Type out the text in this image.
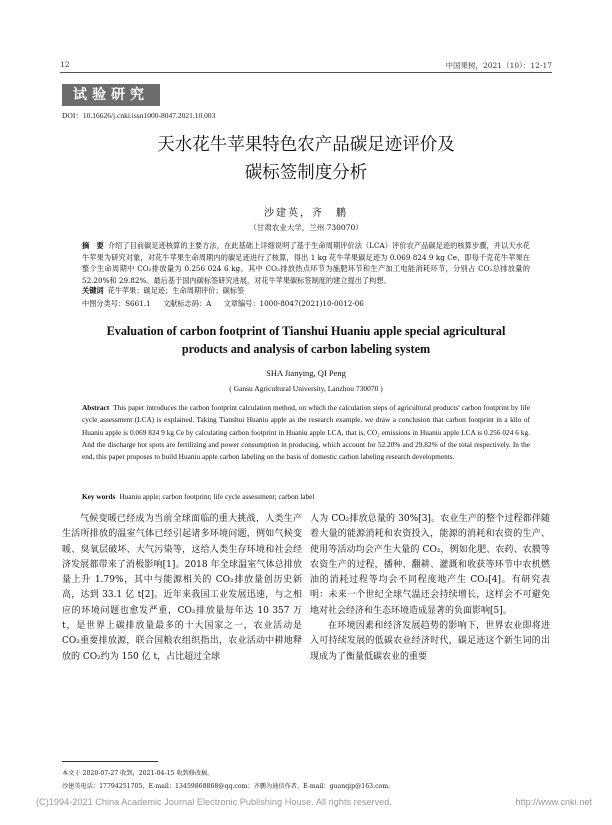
12	中国果树，2021（10）：12-17
试验研究
DOI：10.16626/j.cnki.issn1000-8047.2021.10.003
天水花牛苹果特色农产品碳足迹评价及
碳标签制度分析
沙建英，齐　鹏
（甘肃农业大学，兰州 730070）
摘　要 介绍了目前碳足迹核算的主要方法，在此基础上详细说明了基于生命周期评价法（LCA）评价农产品碳足迹的核算步骤，并以天水花牛苹果为研究对象，对花牛苹果生命周期内的碳足迹进行了核算，得出 1 kg 花牛苹果碳足迹为 0.069 824 9 kg Ce，即每千克花牛苹果在整个生命周期中 CO₂排放量为 0.256 024 6 kg。其中 CO₂排放热点环节为施肥环节和生产加工电能消耗环节，分别占 CO₂总排放量的 52.20%和 29.82%。最后基于国内碳标签研究进展，对花牛苹果碳标签制度的建立提出了构想。
关键词 花牛苹果；碳足迹；生命周期评价；碳标签
中图分类号：S661.1 文献标志码：A 文章编号：1000-8047(2021)10-0012-06
Evaluation of carbon footprint of Tianshui Huaniu apple special agricultural
products and analysis of carbon labeling system
SHA Jianying, QI Peng
( Gansu Agricultural University, Lanzhou 730070 )
Abstract This paper introduces the carbon footprint calculation method, on which the calculation steps of agricultural products' carbon footprint by life cycle assessment (LCA) is explained. Taking Tianshui Huaniu apple as the research example, we draw a conclusion that carbon footprint in a kilo of Huaniu apple is 0.069 824 9 kg Ce by calculating carbon footprint in Huaniu apple LCA, that is, CO₂ emissions in Huaniu apple LCA is 0.256 024 6 kg. And the discharge hot spots are fertilizing and power consumption in producing, which account for 52.20% and 29.82% of the total respectively. In the end, this paper proposes to build Huaniu apple carbon labeling on the basis of domestic carbon labeling research developments.
Key words Huaniu apple; carbon footprint; life cycle assessment; carbon label
气候变暖已经成为当前全球面临的重大挑战，人类生产生活所排放的温室气体已经引起诸多环境问题，例如气候变暖、臭氧层破坏、大气污染等，这给人类生存环境和社会经济发展都带来了消极影响[1]。2018 年全球温室气体总排放量上升 1.79%，其中与能源相关的 CO₂排放量创历史新高，达到 33.1 亿 t[2]。近年来我国工业发展迅速，与之相应的环境问题也愈发严重，CO₂排放量每年达 10 357 万 t，是世界上碳排放量最多的十大国家之一，农业活动是 CO₂重要排放源，联合国粮农组织指出，农业活动中耕地释放的 CO₂约为 150 亿 t，占比超过全球

人为 CO₂排放总量的 30%[3]。农业生产的整个过程都伴随着大量的能源消耗和农资投入，能源的消耗和农资的生产、使用等活动均会产生大量的 CO₂，例如化肥、农药、农膜等农资生产的过程，播种、翻耕、灌溉和收获等环节中农机燃油的消耗过程等均会不同程度地产生 CO₂[4]。有研究表明：未来一个世纪全球气温还会持续增长，这样会不可避免地对社会经济和生态环境造成显著的负面影响[5]。

在环境因素和经济发展趋势的影响下，世界农业即将进入可持续发展的低碳农业经济时代，碳足迹这个新生词的出现成为了衡量低碳农业的重要

本文于 2020-07-27 收到，2021-04-15 收到修改稿。
沙建英电话：17794251705，E-mail：13459868868@qq.com；齐鹏为通信作者，E-mail：guanqip@163.com。
(C)1994-2021 China Academic Journal Electronic Publishing House. All rights reserved.	http://www.cnki.net
